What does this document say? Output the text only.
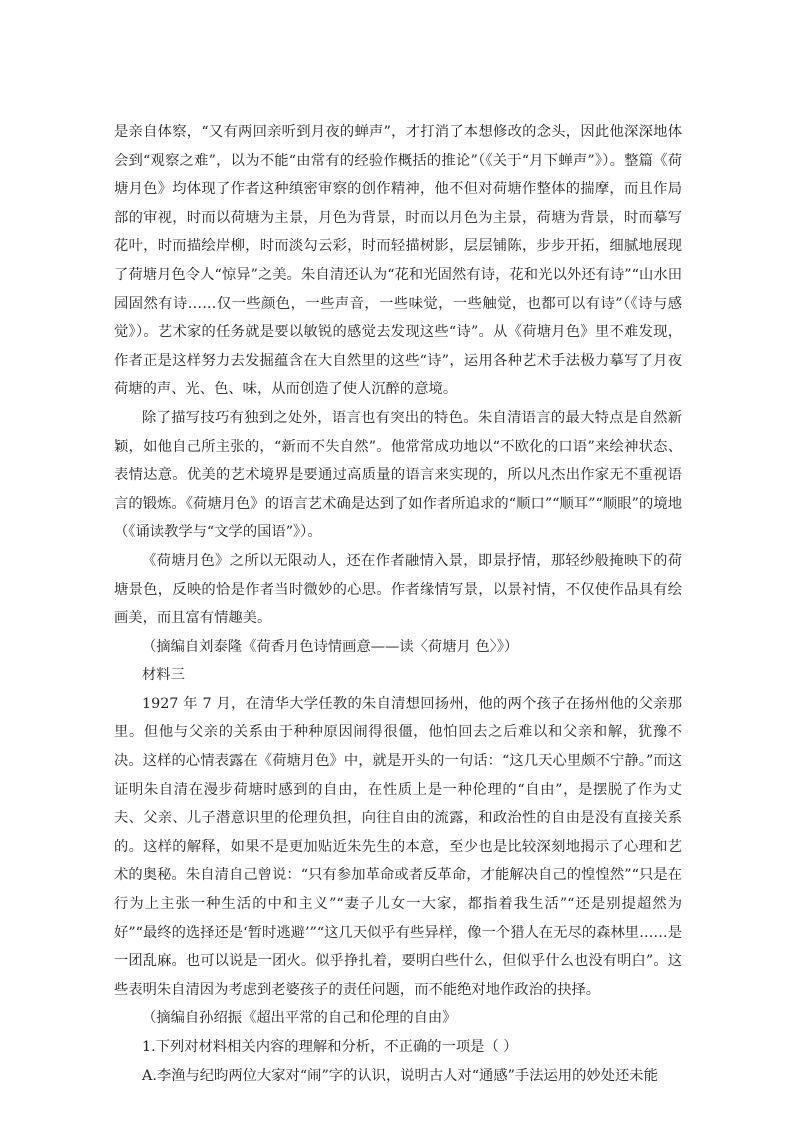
是亲自体察，“又有两回亲听到月夜的蝉声”，才打消了本想修改的念头，因此他深深地体会到“观察之难”，以为不能“由常有的经验作概括的推论”（《关于“月下蝉声”》）。整篇《荷塘月色》均体现了作者这种缜密审察的创作精神，他不但对荷塘作整体的揣摩，而且作局部的审视，时而以荷塘为主景，月色为背景，时而以月色为主景，荷塘为背景，时而摹写花叶，时而描绘岸柳，时而淡勾云彩，时而轻描树影，层层铺陈，步步开拓，细腻地展现了荷塘月色令人“惊异”之美。朱自清还认为“花和光固然有诗，花和光以外还有诗”“山水田园固然有诗……仅一些颜色，一些声音，一些味觉，一些触觉，也都可以有诗”（《诗与感觉》）。艺术家的任务就是要以敏锐的感觉去发现这些“诗”。从《荷塘月色》里不难发现，作者正是这样努力去发掘蕴含在大自然里的这些“诗”，运用各种艺术手法极力摹写了月夜荷塘的声、光、色、味，从而创造了使人沉醉的意境。

除了描写技巧有独到之处外，语言也有突出的特色。朱自清语言的最大特点是自然新颖，如他自己所主张的，“新而不失自然”。他常常成功地以“不欧化的口语”来绘神状态、表情达意。优美的艺术境界是要通过高质量的语言来实现的，所以凡杰出作家无不重视语言的锻炼。《荷塘月色》的语言艺术确是达到了如作者所追求的“顺口”“顺耳”“顺眼”的境地（《诵读教学与“文学的国语”》）。

《荷塘月色》之所以无限动人，还在作者融情入景，即景抒情，那轻纱般掩映下的荷塘景色，反映的恰是作者当时微妙的心思。作者缘情写景，以景衬情，不仅使作品具有绘画美，而且富有情趣美。

（摘编自刘泰隆《荷香月色诗情画意——读〈荷塘月 色〉》）

材料三

1927 年 7 月，在清华大学任教的朱自清想回扬州，他的两个孩子在扬州他的父亲那里。但他与父亲的关系由于种种原因闹得很僵，他怕回去之后难以和父亲和解，犹豫不决。这样的心情表露在《荷塘月色》中，就是开头的一句话：“这几天心里颇不宁静。”而这证明朱自清在漫步荷塘时感到的自由，在性质上是一种伦理的“自由”，是摆脱了作为丈夫、父亲、儿子潜意识里的伦理负担，向往自由的流露，和政治性的自由是没有直接关系的。这样的解释，如果不是更加贴近朱先生的本意，至少也是比较深刻地揭示了心理和艺术的奥秘。朱自清自己曾说：“只有参加革命或者反革命，才能解决自己的惶惶然”“只是在行为上主张一种生活的中和主义”“妻子儿女一大家，都指着我生活”“还是别提超然为好”“最终的选择还是‘暂时逃避’”“这几天似乎有些异样，像一个猎人在无尽的森林里……是一团乱麻。也可以说是一团火。似乎挣扎着，要明白些什么，但似乎什么也没有明白”。这些表明朱自清因为考虑到老婆孩子的责任问题，而不能绝对地作政治的抉择。

（摘编自孙绍振《超出平常的自己和伦理的自由》

1.下列对材料相关内容的理解和分析，不正确的一项是（ ）

A.李渔与纪昀两位大家对“闹”字的认识，说明古人对“通感”手法运用的妙处还未能
